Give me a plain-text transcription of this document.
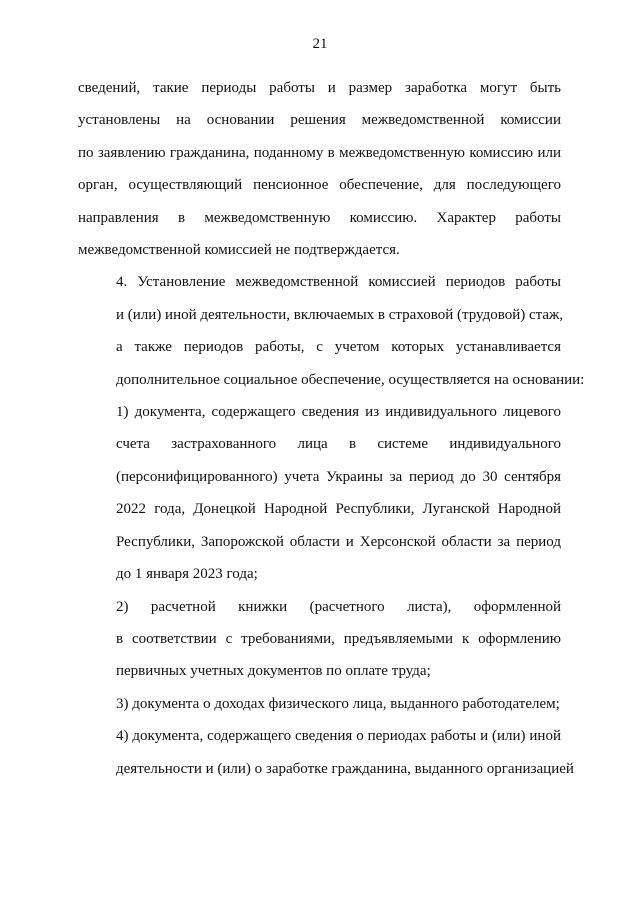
21

сведений, такие периоды работы и размер заработка могут быть
установлены на основании решения межведомственной комиссии
по заявлению гражданина, поданному в межведомственную комиссию или
орган, осуществляющий пенсионное обеспечение, для последующего
направления в межведомственную комиссию. Характер работы
межведомственной комиссией не подтверждается.

4. Установление межведомственной комиссией периодов работы
и (или) иной деятельности, включаемых в страховой (трудовой) стаж,
а также периодов работы, с учетом которых устанавливается
дополнительное социальное обеспечение, осуществляется на основании:

1) документа, содержащего сведения из индивидуального лицевого
счета застрахованного лица в системе индивидуального
(персонифицированного) учета Украины за период до 30 сентября
2022 года, Донецкой Народной Республики, Луганской Народной
Республики, Запорожской области и Херсонской области за период
до 1 января 2023 года;

2) расчетной книжки (расчетного листа), оформленной
в соответствии с требованиями, предъявляемыми к оформлению
первичных учетных документов по оплате труда;

3) документа о доходах физического лица, выданного работодателем;

4) документа, содержащего сведения о периодах работы и (или) иной
деятельности и (или) о заработке гражданина, выданного организацией
